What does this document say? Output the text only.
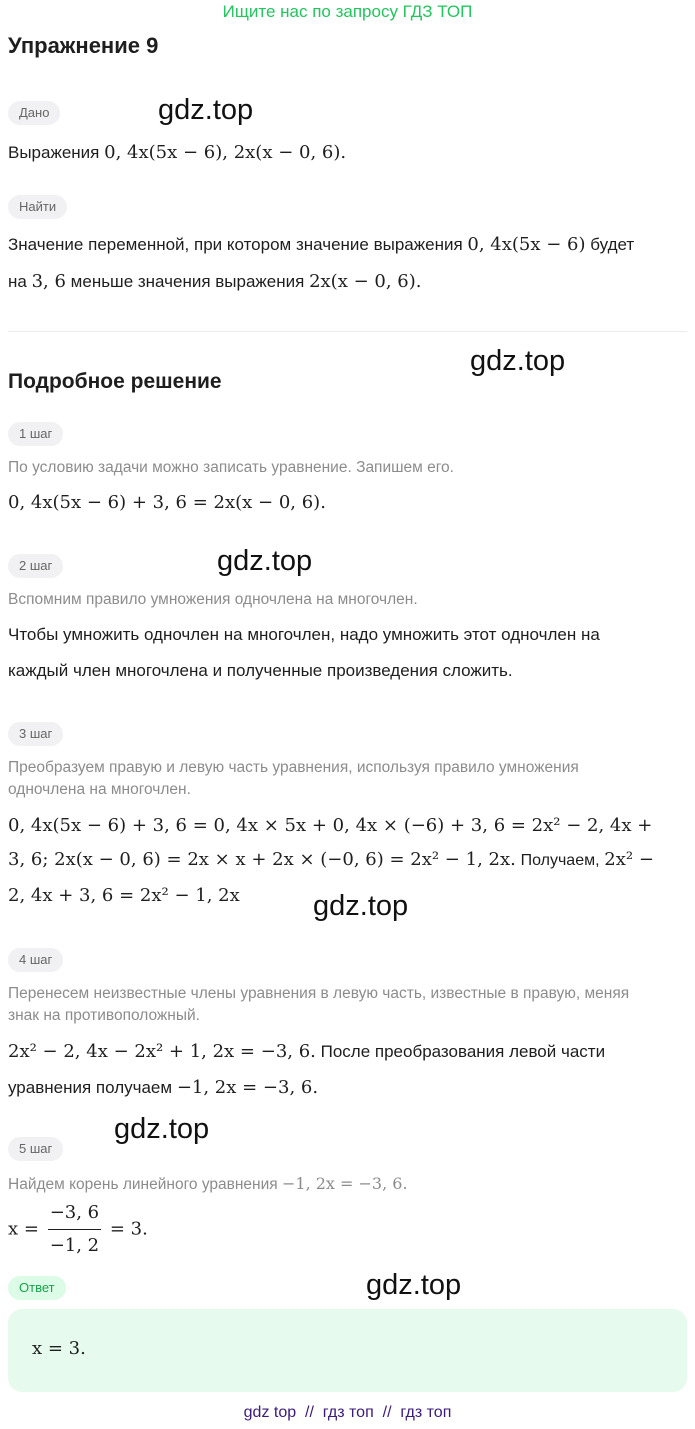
Ищите нас по запросу ГДЗ ТОП
Упражнение 9
Дано	gdz.top
Выражения 0, 4x(5x − 6), 2x(x − 0, 6).
Найти
Значение переменной, при котором значение выражения 0, 4x(5x − 6) будет
на 3, 6 меньше значения выражения 2x(x − 0, 6).
gdz.top
Подробное решение
1 шаг
По условию задачи можно записать уравнение. Запишем его.
0, 4x(5x − 6) + 3, 6 = 2x(x − 0, 6).
2 шаг	gdz.top
Вспомним правило умножения одночлена на многочлен.
Чтобы умножить одночлен на многочлен, надо умножить этот одночлен на
каждый член многочлена и полученные произведения сложить.
3 шаг
Преобразуем правую и левую часть уравнения, используя правило умножения
одночлена на многочлен.
0, 4x(5x − 6) + 3, 6 = 0, 4x × 5x + 0, 4x × (−6) + 3, 6 = 2x² − 2, 4x +
3, 6; 2x(x − 0, 6) = 2x × x + 2x × (−0, 6) = 2x² − 1, 2x. Получаем, 2x² −
2, 4x + 3, 6 = 2x² − 1, 2x	gdz.top
4 шаг
Перенесем неизвестные члены уравнения в левую часть, известные в правую, меняя
знак на противоположный.
2x² − 2, 4x − 2x² + 1, 2x = −3, 6. После преобразования левой части
уравнения получаем −1, 2x = −3, 6.
5 шаг
gdz.top
Найдем корень линейного уравнения −1, 2x = −3, 6.
$x = \frac{-3, 6}{-1, 2} = 3$.
Ответ	gdz.top
x = 3.
gdz top  //  гдз топ  //  гдз топ
